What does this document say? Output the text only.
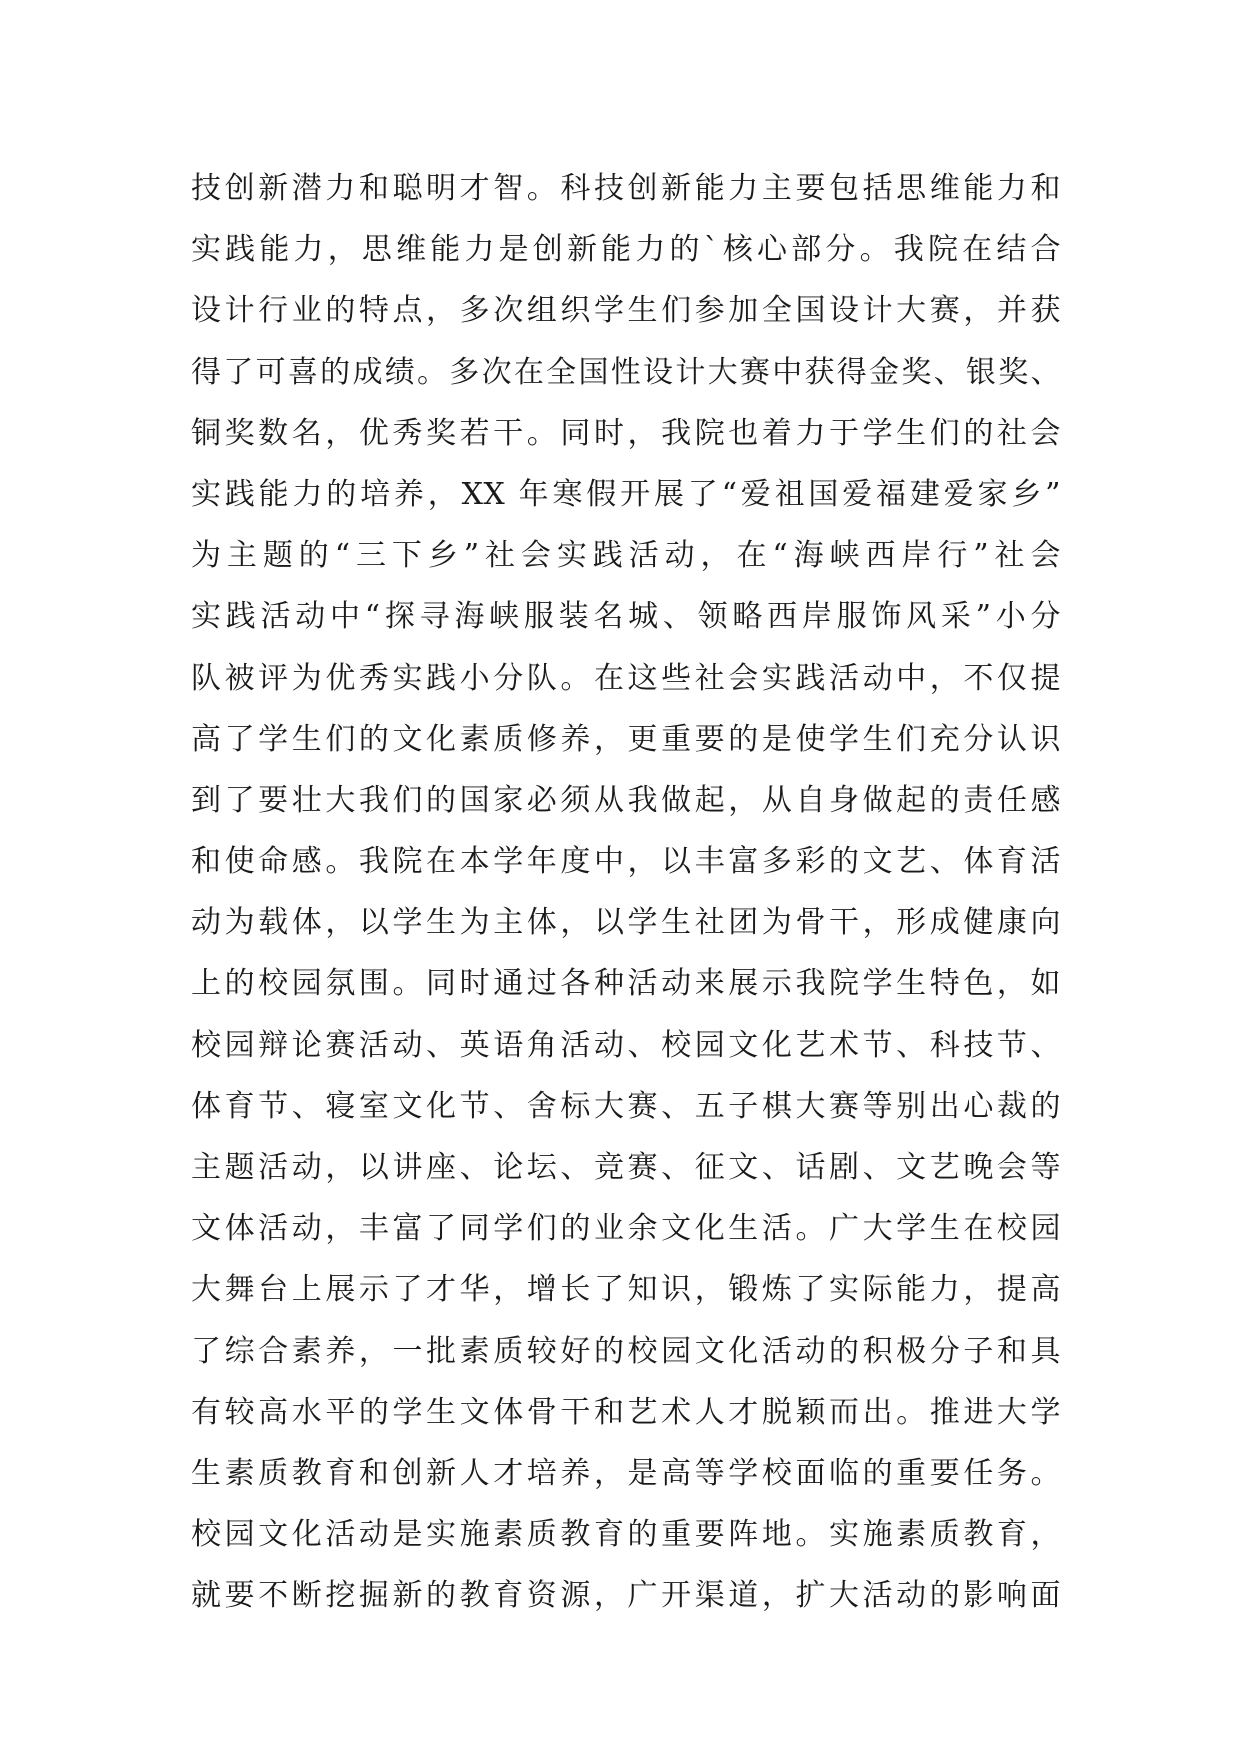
技创新潜力和聪明才智。科技创新能力主要包括思维能力和
实践能力，思维能力是创新能力的`核心部分。我院在结合
设计行业的特点，多次组织学生们参加全国设计大赛，并获
得了可喜的成绩。多次在全国性设计大赛中获得金奖、银奖、
铜奖数名，优秀奖若干。同时，我院也着力于学生们的社会
实践能力的培养，XX 年寒假开展了“爱祖国爱福建爱家乡”
为主题的“三下乡”社会实践活动，在“海峡西岸行”社会
实践活动中“探寻海峡服装名城、领略西岸服饰风采”小分
队被评为优秀实践小分队。在这些社会实践活动中，不仅提
高了学生们的文化素质修养，更重要的是使学生们充分认识
到了要壮大我们的国家必须从我做起，从自身做起的责任感
和使命感。我院在本学年度中，以丰富多彩的文艺、体育活
动为载体，以学生为主体，以学生社团为骨干，形成健康向
上的校园氛围。同时通过各种活动来展示我院学生特色，如
校园辩论赛活动、英语角活动、校园文化艺术节、科技节、
体育节、寝室文化节、舍标大赛、五子棋大赛等别出心裁的
主题活动，以讲座、论坛、竞赛、征文、话剧、文艺晚会等
文体活动，丰富了同学们的业余文化生活。广大学生在校园
大舞台上展示了才华，增长了知识，锻炼了实际能力，提高
了综合素养，一批素质较好的校园文化活动的积极分子和具
有较高水平的学生文体骨干和艺术人才脱颖而出。推进大学
生素质教育和创新人才培养，是高等学校面临的重要任务。
校园文化活动是实施素质教育的重要阵地。实施素质教育，
就要不断挖掘新的教育资源，广开渠道，扩大活动的影响面
